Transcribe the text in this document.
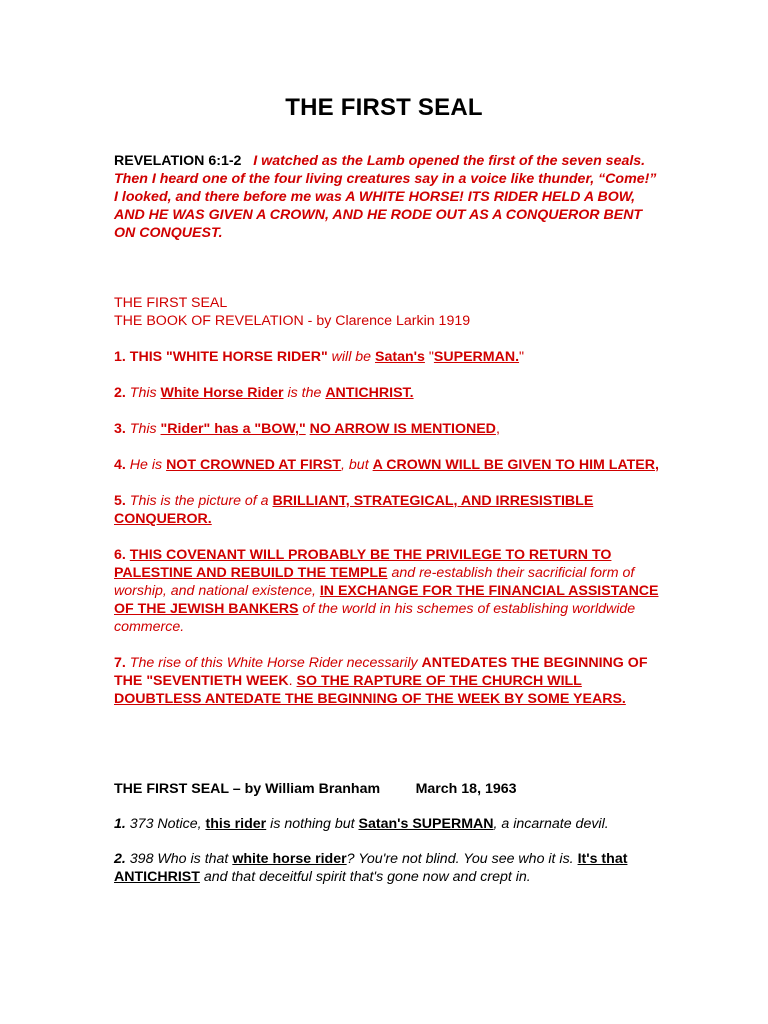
THE FIRST SEAL

REVELATION 6:1-2 I watched as the Lamb opened the first of the seven seals. Then I heard one of the four living creatures say in a voice like thunder, “Come!” I looked, and there before me was A WHITE HORSE! ITS RIDER HELD A BOW, AND HE WAS GIVEN A CROWN, AND HE RODE OUT AS A CONQUEROR BENT ON CONQUEST.

THE FIRST SEAL
THE BOOK OF REVELATION - by Clarence Larkin 1919

1. THIS "WHITE HORSE RIDER" will be Satan's "SUPERMAN."

2. This White Horse Rider is the ANTICHRIST.

3. This "Rider" has a "BOW," NO ARROW IS MENTIONED,

4. He is NOT CROWNED AT FIRST, but A CROWN WILL BE GIVEN TO HIM LATER,

5. This is the picture of a BRILLIANT, STRATEGICAL, AND IRRESISTIBLE CONQUEROR.

6. THIS COVENANT WILL PROBABLY BE THE PRIVILEGE TO RETURN TO PALESTINE AND REBUILD THE TEMPLE and re-establish their sacrificial form of worship, and national existence, IN EXCHANGE FOR THE FINANCIAL ASSISTANCE OF THE JEWISH BANKERS of the world in his schemes of establishing worldwide commerce.

7. The rise of this White Horse Rider necessarily ANTEDATES THE BEGINNING OF THE "SEVENTIETH WEEK. SO THE RAPTURE OF THE CHURCH WILL DOUBTLESS ANTEDATE THE BEGINNING OF THE WEEK BY SOME YEARS.

THE FIRST SEAL – by William Branham March 18, 1963

1. 373 Notice, this rider is nothing but Satan's SUPERMAN, a incarnate devil.

2. 398 Who is that white horse rider? You're not blind. You see who it is. It's that ANTICHRIST and that deceitful spirit that's gone now and crept in.
